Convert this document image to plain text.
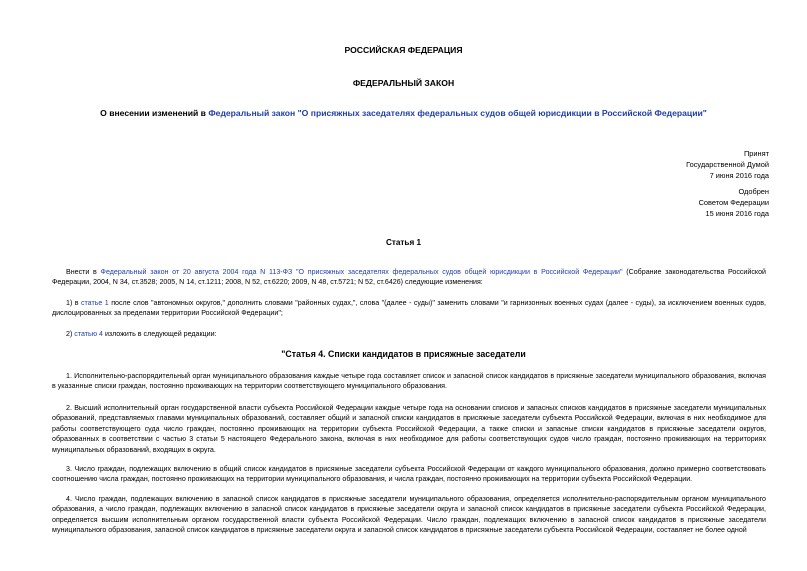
РОССИЙСКАЯ ФЕДЕРАЦИЯ
ФЕДЕРАЛЬНЫЙ ЗАКОН
О внесении изменений в Федеральный закон "О присяжных заседателях федеральных судов общей юрисдикции в Российской Федерации"
Принят
Государственной Думой
7 июня 2016 года
Одобрен
Советом Федерации
15 июня 2016 года
Статья 1
Внести в Федеральный закон от 20 августа 2004 года N 113-ФЗ "О присяжных заседателях федеральных судов общей юрисдикции в Российской Федерации" (Собрание законодательства Российской Федерации, 2004, N 34, ст.3528; 2005, N 14, ст.1211; 2008, N 52, ст.6220; 2009, N 48, ст.5721; N 52, ст.6426) следующие изменения:
1) в статье 1 после слов "автономных округов," дополнить словами "районных судах,", слова "(далее - суды)" заменить словами "и гарнизонных военных судах (далее - суды), за исключением военных судов, дислоцированных за пределами территории Российской Федерации";
2) статью 4 изложить в следующей редакции:
"Статья 4. Списки кандидатов в присяжные заседатели
1. Исполнительно-распорядительный орган муниципального образования каждые четыре года составляет список и запасной список кандидатов в присяжные заседатели муниципального образования, включая в указанные списки граждан, постоянно проживающих на территории соответствующего муниципального образования.
2. Высший исполнительный орган государственной власти субъекта Российской Федерации каждые четыре года на основании списков и запасных списков кандидатов в присяжные заседатели муниципальных образований, представляемых главами муниципальных образований, составляет общий и запасной списки кандидатов в присяжные заседатели субъекта Российской Федерации, включая в них необходимое для работы соответствующего суда число граждан, постоянно проживающих на территории субъекта Российской Федерации, а также списки и запасные списки кандидатов в присяжные заседатели округов, образованных в соответствии с частью 3 статьи 5 настоящего Федерального закона, включая в них необходимое для работы соответствующих судов число граждан, постоянно проживающих на территориях муниципальных образований, входящих в округа.
3. Число граждан, подлежащих включению в общий список кандидатов в присяжные заседатели субъекта Российской Федерации от каждого муниципального образования, должно примерно соответствовать соотношению числа граждан, постоянно проживающих на территории муниципального образования, и числа граждан, постоянно проживающих на территории субъекта Российской Федерации.
4. Число граждан, подлежащих включению в запасной список кандидатов в присяжные заседатели муниципального образования, определяется исполнительно-распорядительным органом муниципального образования, а число граждан, подлежащих включению в запасной список кандидатов в присяжные заседатели округа и запасной список кандидатов в присяжные заседатели субъекта Российской Федерации, определяется высшим исполнительным органом государственной власти субъекта Российской Федерации. Число граждан, подлежащих включению в запасной список кандидатов в присяжные заседатели муниципального образования, запасной список кандидатов в присяжные заседатели округа и запасной список кандидатов в присяжные заседатели субъекта Российской Федерации, составляет не более одной
